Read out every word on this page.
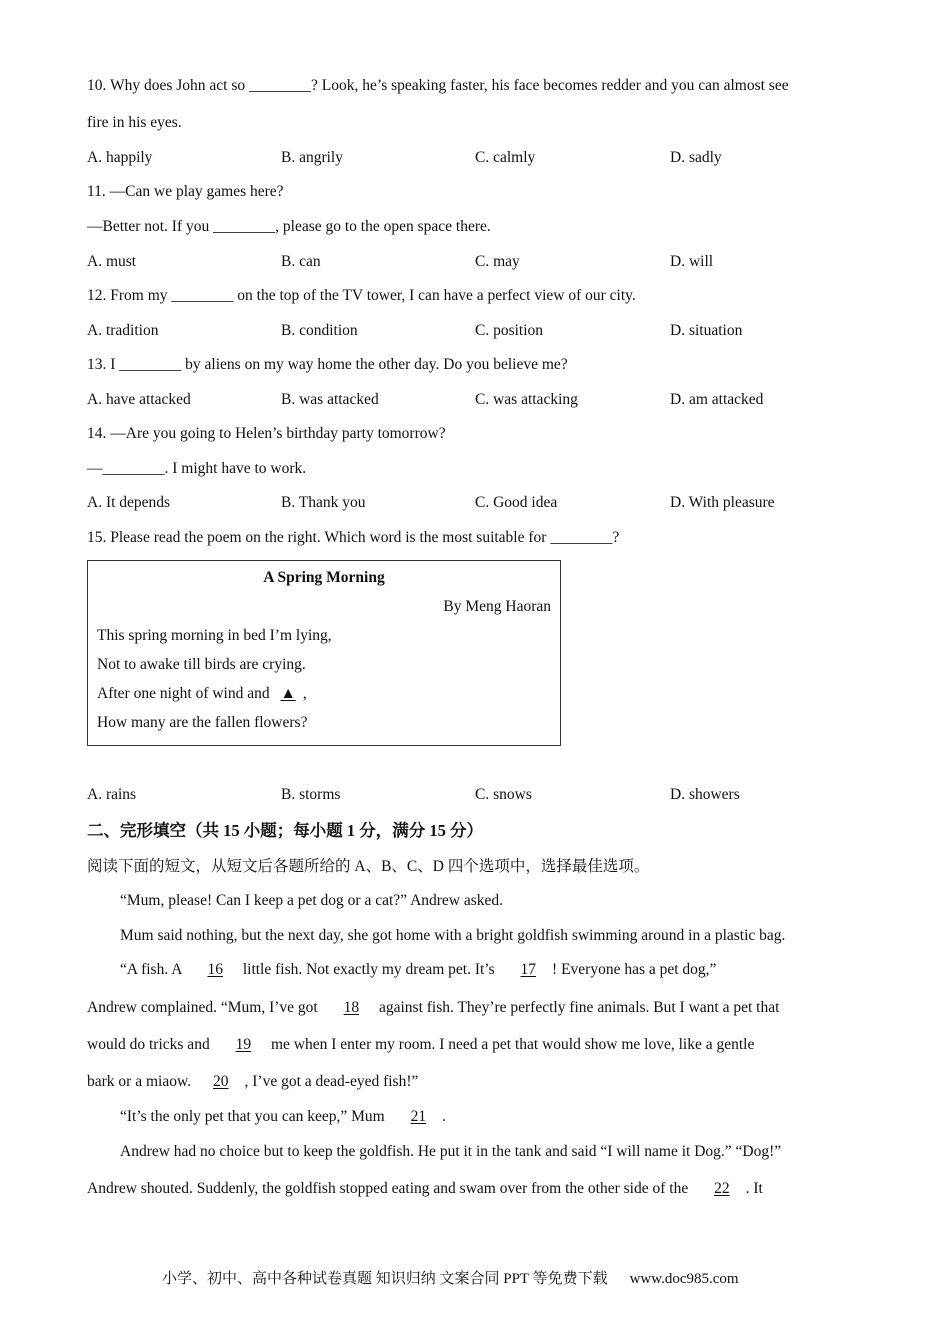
10. Why does John act so ________? Look, he’s speaking faster, his face becomes redder and you can almost see
fire in his eyes.
A. happily	B. angrily	C. calmly	D. sadly
11. —Can we play games here?
—Better not. If you ________, please go to the open space there.
A. must	B. can	C. may	D. will
12. From my ________ on the top of the TV tower, I can have a perfect view of our city.
A. tradition	B. condition	C. position	D. situation
13. I ________ by aliens on my way home the other day. Do you believe me?
A. have attacked	B. was attacked	C. was attacking	D. am attacked
14. —Are you going to Helen’s birthday party tomorrow?
—________. I might have to work.
A. It depends	B. Thank you	C. Good idea	D. With pleasure
15. Please read the poem on the right. Which word is the most suitable for ________?
A Spring Morning
By Meng Haoran
This spring morning in bed I’m lying,
Not to awake till birds are crying.
After one night of wind and ▲ ,
How many are the fallen flowers?
A. rains	B. storms	C. snows	D. showers
二、完形填空（共 15 小题；每小题 1 分，满分 15 分）
阅读下面的短文，从短文后各题所给的 A、B、C、D 四个选项中，选择最佳选项。
“Mum, please! Can I keep a pet dog or a cat?” Andrew asked.
Mum said nothing, but the next day, she got home with a bright goldfish swimming around in a plastic bag.
“A fish. A 16 little fish. Not exactly my dream pet. It’s 17 ! Everyone has a pet dog,”
Andrew complained. “Mum, I’ve got 18 against fish. They’re perfectly fine animals. But I want a pet that
would do tricks and 19 me when I enter my room. I need a pet that would show me love, like a gentle
bark or a miaow. 20 , I’ve got a dead-eyed fish!”
“It’s the only pet that you can keep,” Mum 21 .
Andrew had no choice but to keep the goldfish. He put it in the tank and said “I will name it Dog.” “Dog!”
Andrew shouted. Suddenly, the goldfish stopped eating and swam over from the other side of the 22 . It
小学、初中、高中各种试卷真题 知识归纳 文案合同 PPT 等免费下载 www.doc985.com
